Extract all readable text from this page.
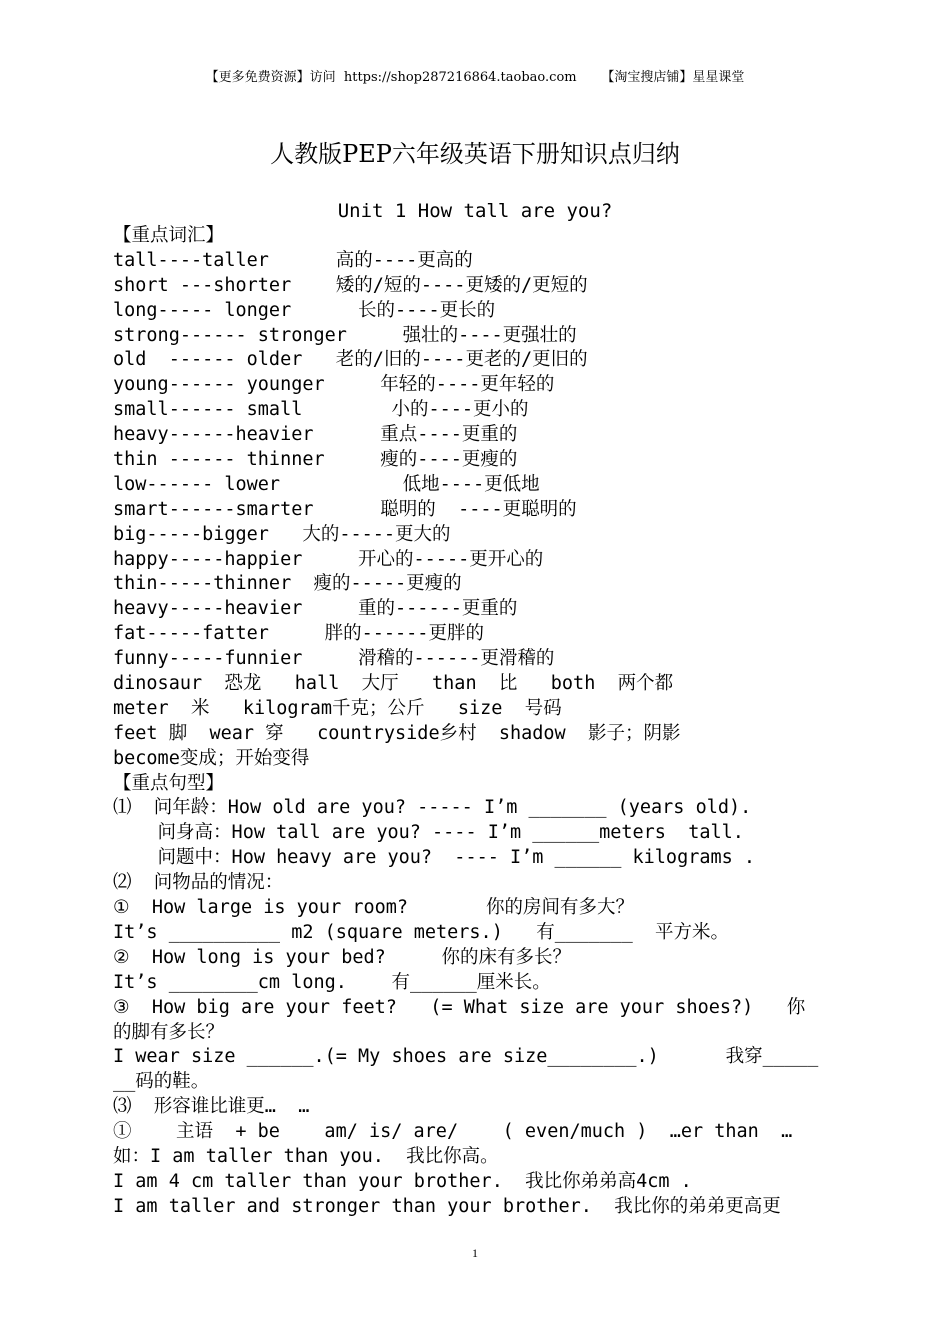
【更多免费资源】访问  https://shop287216864.taobao.com      【淘宝搜店铺】星星课堂
人教版PEP六年级英语下册知识点归纳
Unit 1 How tall are you?
【重点词汇】
tall----taller      高的----更高的
short ---shorter    矮的/短的----更矮的/更短的
long----- longer      长的----更长的
strong------ stronger     强壮的----更强壮的
old  ------ older   老的/旧的----更老的/更旧的
young------ younger     年轻的----更年轻的
small------ small        小的----更小的
heavy------heavier      重点----更重的
thin ------ thinner     瘦的----更瘦的
low------ lower           低地----更低地
smart------smarter      聪明的  ----更聪明的
big-----bigger   大的-----更大的
happy-----happier     开心的-----更开心的
thin-----thinner  瘦的-----更瘦的
heavy-----heavier     重的------更重的
fat-----fatter     胖的------更胖的
funny-----funnier     滑稽的------更滑稽的
dinosaur  恐龙   hall  大厅   than  比   both  两个都
meter  米   kilogram千克；公斤   size  号码
feet 脚  wear 穿   countryside乡村  shadow  影子；阴影
become变成；开始变得
【重点句型】
⑴  问年龄：How old are you? ----- I’m _______ (years old).
问身高：How tall are you? ---- I’m ______meters  tall.
问题中：How heavy are you?  ---- I’m ______ kilograms .
⑵  问物品的情况：
①  How large is your room?       你的房间有多大？
It’s __________ m2 (square meters.)   有_______  平方米。
②  How long is your bed?     你的床有多长？
It’s ________cm long.    有______厘米长。
③  How big are your feet?   (= What size are your shoes?)   你
的脚有多长？
I wear size ______.(= My shoes are size________.)      我穿_____
__码的鞋。
⑶  形容谁比谁更…  …
①    主语  + be    am/ is/ are/    ( even/much )  …er than  …
如：I am taller than you.  我比你高。
I am 4 cm taller than your brother.  我比你弟弟高4cm .
I am taller and stronger than your brother.  我比你的弟弟更高更
1
